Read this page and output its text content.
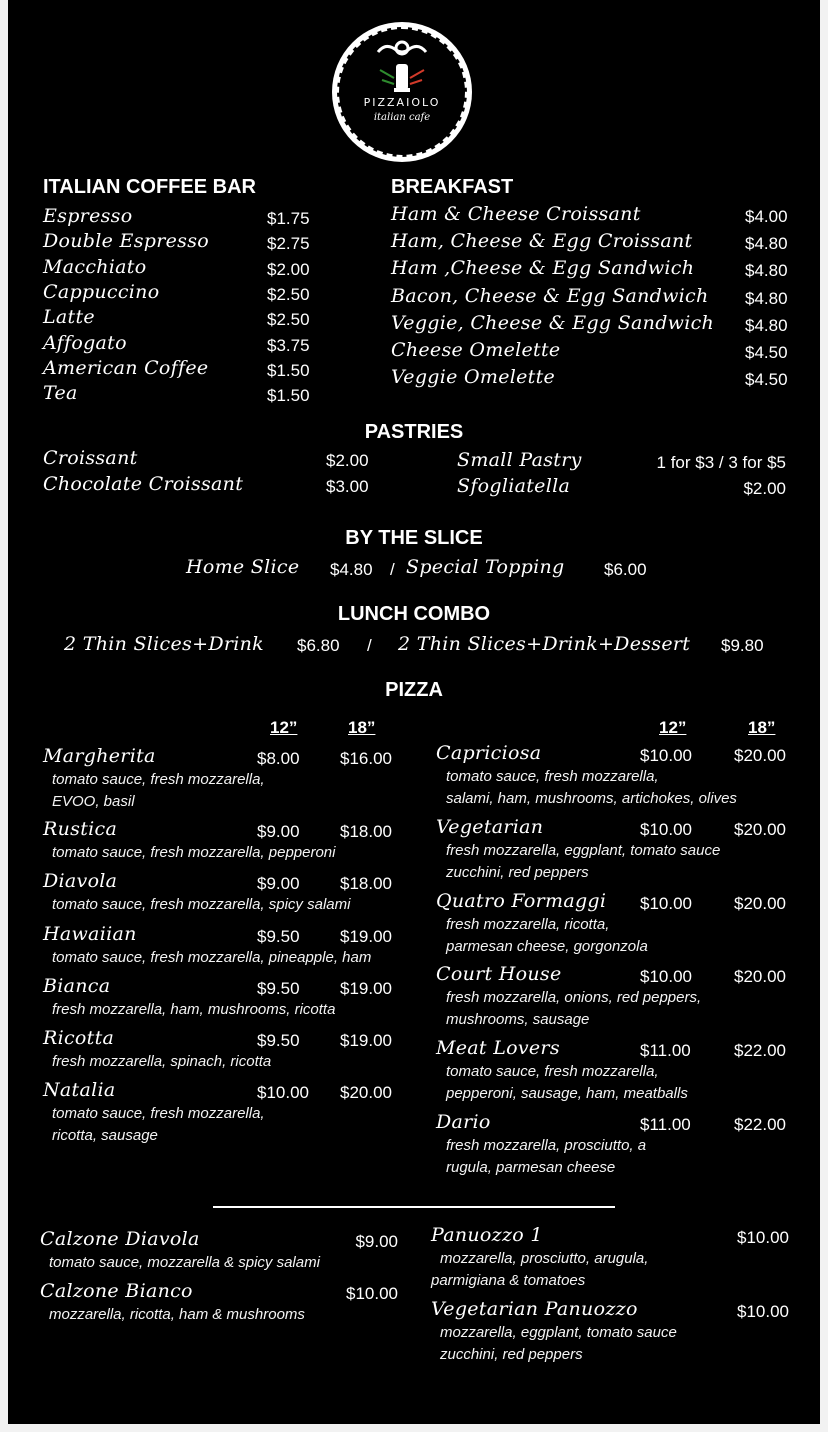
PIZZAIOLO
italian cafe
ITALIAN COFFEE BAR
Espresso	$1.75
Double Espresso	$2.75
Macchiato	$2.00
Cappuccino	$2.50
Latte	$2.50
Affogato	$3.75
American Coffee	$1.50
Tea	$1.50
BREAKFAST
Ham & Cheese Croissant	$4.00
Ham, Cheese & Egg Croissant	$4.80
Ham ,Cheese & Egg Sandwich	$4.80
Bacon, Cheese & Egg Sandwich $4.80
Veggie, Cheese & Egg Sandwich $4.80
Cheese Omelette	$4.50
Veggie Omelette	$4.50
PASTRIES
Croissant	$2.00
Chocolate Croissant	$3.00
Small Pastry	1 for $3 / 3 for $5
Sfogliatella	$2.00
BY THE SLICE
Home Slice $4.80 / Special Topping $6.00
LUNCH COMBO
2 Thin Slices+Drink $6.80 / 2 Thin Slices+Drink+Dessert $9.80
PIZZA
12”	18”	12”	18”
Margherita	$8.00 $16.00
tomato sauce, fresh mozzarella,
EVOO, basil
Rustica	$9.00 $18.00
tomato sauce, fresh mozzarella, pepperoni
Diavola	$9.00 $18.00
tomato sauce, fresh mozzarella, spicy salami
Hawaiian	$9.50 $19.00
tomato sauce, fresh mozzarella, pineapple, ham
Bianca	$9.50 $19.00
fresh mozzarella, ham, mushrooms, ricotta
Ricotta	$9.50 $19.00
fresh mozzarella, spinach, ricotta
Natalia	$10.00 $20.00
tomato sauce, fresh mozzarella,
ricotta, sausage
Capriciosa	$10.00 $20.00
tomato sauce, fresh mozzarella,
salami, ham, mushrooms, artichokes, olives
Vegetarian	$10.00 $20.00
fresh mozzarella, eggplant, tomato sauce
zucchini, red peppers
Quatro Formaggi $10.00 $20.00
fresh mozzarella, ricotta,
parmesan cheese, gorgonzola
Court House	$10.00 $20.00
fresh mozzarella, onions, red peppers,
mushrooms, sausage
Meat Lovers	$11.00	$22.00
tomato sauce, fresh mozzarella,
pepperoni, sausage, ham, meatballs
Dario	$11.00	$22.00
fresh mozzarella, prosciutto, a
rugula, parmesan cheese
Calzone Diavola	$9.00
tomato sauce, mozzarella & spicy salami
Calzone Bianco	$10.00
mozzarella, ricotta, ham & mushrooms
Panuozzo 1	$10.00
mozzarella, prosciutto, arugula,
parmigiana & tomatoes
Vegetarian Panuozzo	$10.00
mozzarella, eggplant, tomato sauce
zucchini, red peppers
